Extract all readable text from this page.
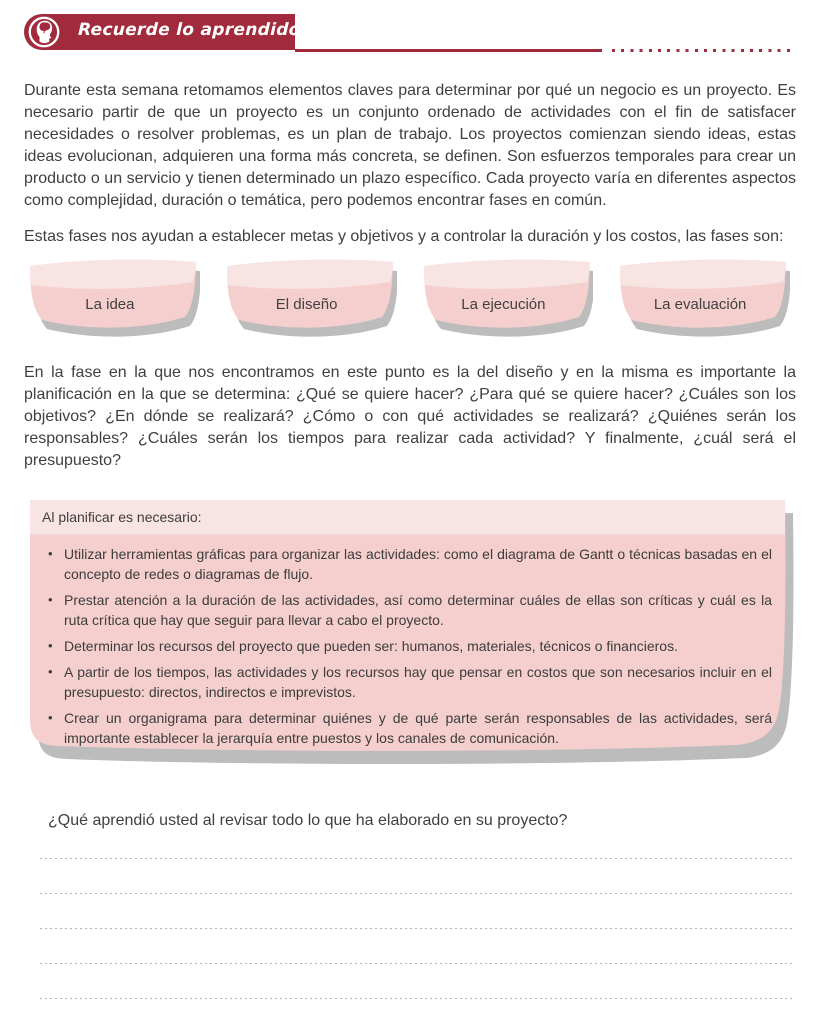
Recuerde lo aprendido

Durante esta semana retomamos elementos claves para determinar por qué un negocio es un proyecto. Es necesario partir de que un proyecto es un conjunto ordenado de actividades con el fin de satisfacer necesidades o resolver problemas, es un plan de trabajo. Los proyectos comienzan siendo ideas, estas ideas evolucionan, adquieren una forma más concreta, se definen. Son esfuerzos temporales para crear un producto o un servicio y tienen determinado un plazo específico. Cada proyecto varía en diferentes aspectos como complejidad, duración o temática, pero podemos encontrar fases en común.

Estas fases nos ayudan a establecer metas y objetivos y a controlar la duración y los costos, las fases son:

La idea	El diseño	La ejecución	La evaluación

En la fase en la que nos encontramos en este punto es la del diseño y en la misma es importante la planificación en la que se determina: ¿Qué se quiere hacer? ¿Para qué se quiere hacer? ¿Cuáles son los objetivos? ¿En dónde se realizará? ¿Cómo o con qué actividades se realizará? ¿Quiénes serán los responsables? ¿Cuáles serán los tiempos para realizar cada actividad? Y finalmente, ¿cuál será el presupuesto?

Al planificar es necesario:
• Utilizar herramientas gráficas para organizar las actividades: como el diagrama de Gantt o técnicas basadas en el concepto de redes o diagramas de flujo.
• Prestar atención a la duración de las actividades, así como determinar cuáles de ellas son críticas y cuál es la ruta crítica que hay que seguir para llevar a cabo el proyecto.
• Determinar los recursos del proyecto que pueden ser: humanos, materiales, técnicos o financieros.
• A partir de los tiempos, las actividades y los recursos hay que pensar en costos que son necesarios incluir en el presupuesto: directos, indirectos e imprevistos.
• Crear un organigrama para determinar quiénes y de qué parte serán responsables de las actividades, será importante establecer la jerarquía entre puestos y los canales de comunicación.
¿Qué aprendió usted al revisar todo lo que ha elaborado en su proyecto?
